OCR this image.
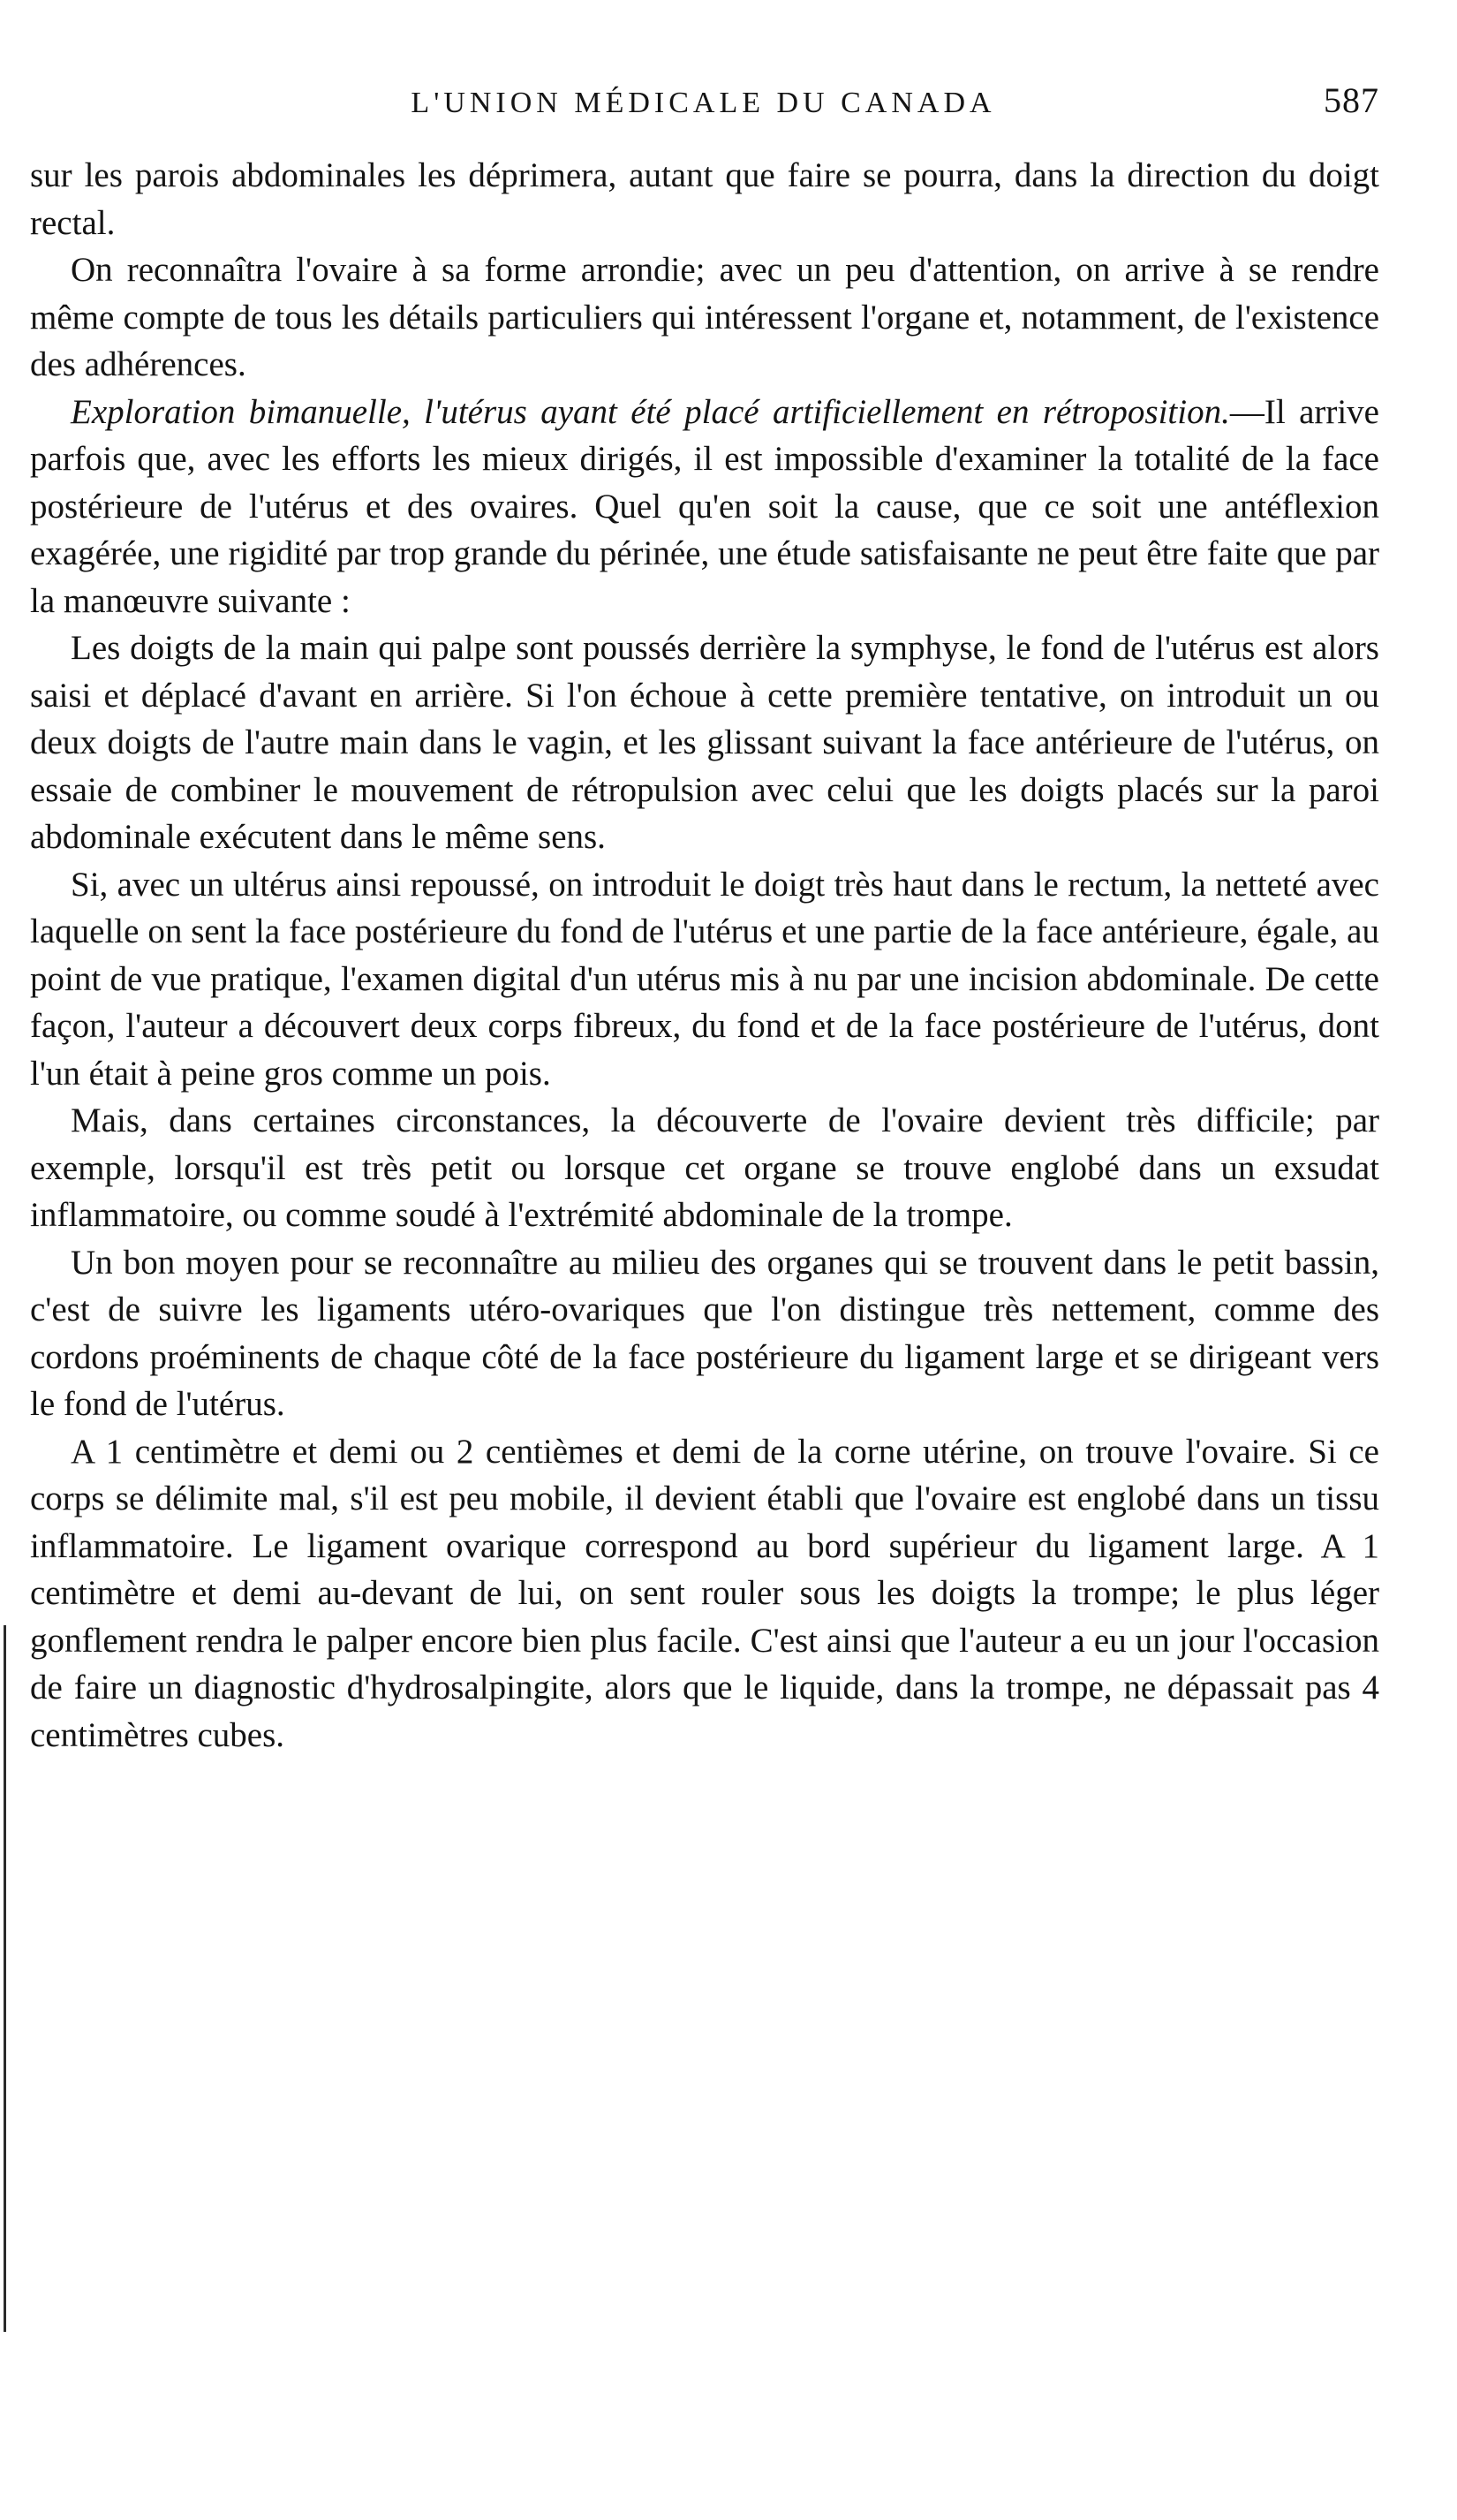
L'UNION MÉDICALE DU CANADA	587

sur les parois abdominales les déprimera, autant que faire se pourra, dans la direction du doigt rectal.

On reconnaîtra l'ovaire à sa forme arrondie; avec un peu d'attention, on arrive à se rendre même compte de tous les détails particuliers qui intéressent l'organe et, notamment, de l'existence des adhérences.

Exploration bimanuelle, l'utérus ayant été placé artificiellement en rétroposition.—Il arrive parfois que, avec les efforts les mieux dirigés, il est impossible d'examiner la totalité de la face postérieure de l'utérus et des ovaires. Quel qu'en soit la cause, que ce soit une antéflexion exagérée, une rigidité par trop grande du périnée, une étude satisfaisante ne peut être faite que par la manœuvre suivante :

Les doigts de la main qui palpe sont poussés derrière la symphyse, le fond de l'utérus est alors saisi et déplacé d'avant en arrière. Si l'on échoue à cette première tentative, on introduit un ou deux doigts de l'autre main dans le vagin, et les glissant suivant la face antérieure de l'utérus, on essaie de combiner le mouvement de rétropulsion avec celui que les doigts placés sur la paroi abdominale exécutent dans le même sens.

Si, avec un ultérus ainsi repoussé, on introduit le doigt très haut dans le rectum, la netteté avec laquelle on sent la face postérieure du fond de l'utérus et une partie de la face antérieure, égale, au point de vue pratique, l'examen digital d'un utérus mis à nu par une incision abdominale. De cette façon, l'auteur a découvert deux corps fibreux, du fond et de la face postérieure de l'utérus, dont l'un était à peine gros comme un pois.

Mais, dans certaines circonstances, la découverte de l'ovaire devient très difficile; par exemple, lorsqu'il est très petit ou lorsque cet organe se trouve englobé dans un exsudat inflammatoire, ou comme soudé à l'extrémité abdominale de la trompe.

Un bon moyen pour se reconnaître au milieu des organes qui se trouvent dans le petit bassin, c'est de suivre les ligaments utéro-ovariques que l'on distingue très nettement, comme des cordons proéminents de chaque côté de la face postérieure du ligament large et se dirigeant vers le fond de l'utérus.

A 1 centimètre et demi ou 2 centièmes et demi de la corne utérine, on trouve l'ovaire. Si ce corps se délimite mal, s'il est peu mobile, il devient établi que l'ovaire est englobé dans un tissu inflammatoire. Le ligament ovarique correspond au bord supérieur du ligament large. A 1 centimètre et demi au-devant de lui, on sent rouler sous les doigts la trompe; le plus léger gonflement rendra le palper encore bien plus facile. C'est ainsi que l'auteur a eu un jour l'occasion de faire un diagnostic d'hydrosalpingite, alors que le liquide, dans la trompe, ne dépassait pas 4 centimètres cubes.
